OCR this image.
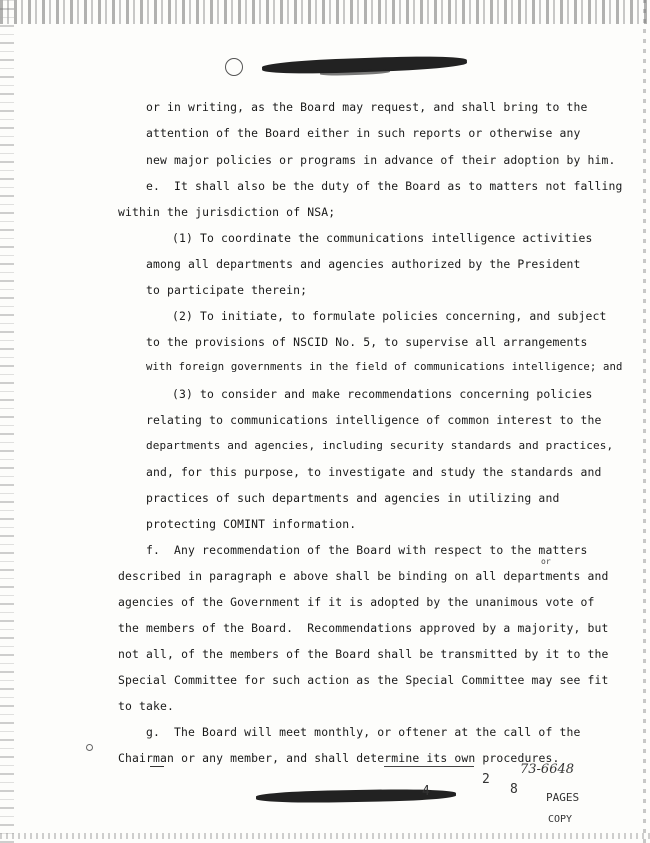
or in writing, as the Board may request, and shall bring to the
attention of the Board either in such reports or otherwise any
new major policies or programs in advance of their adoption by him.
e.  It shall also be the duty of the Board as to matters not falling
within the jurisdiction of NSA;
(1) To coordinate the communications intelligence activities
among all departments and agencies authorized by the President
to participate therein;
(2) To initiate, to formulate policies concerning, and subject
to the provisions of NSCID No. 5, to supervise all arrangements
with foreign governments in the field of communications intelligence; and
(3) to consider and make recommendations concerning policies
relating to communications intelligence of common interest to the
departments and agencies, including security standards and practices,
and, for this purpose, to investigate and study the standards and
practices of such departments and agencies in utilizing and
protecting COMINT information.
f.  Any recommendation of the Board with respect to the matters
described in paragraph e above shall be binding on all departments and
agencies of the Government if it is adopted by the unanimous vote of
the members of the Board.  Recommendations approved by a majority, but
not all, of the members of the Board shall be transmitted by it to the
Special Committee for such action as the Special Committee may see fit
to take.
g.  The Board will meet monthly, or oftener at the call of the
Chairman or any member, and shall determine its own procedures.
or
2
4	8
PAGES
COPY
73-6648
